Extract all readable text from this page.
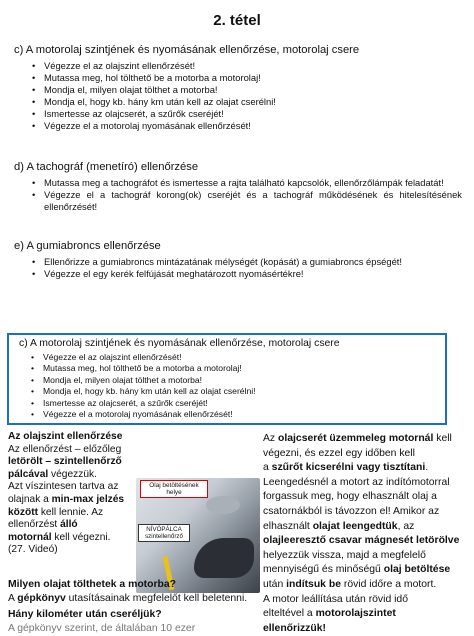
2. tétel
c) A motorolaj szintjének és nyomásának ellenőrzése, motorolaj csere
• Végezze el az olajszint ellenőrzését!
• Mutassa meg, hol tölthető be a motorba a motorolaj!
• Mondja el, milyen olajat tölthet a motorba!
• Mondja el, hogy kb. hány km után kell az olajat cserélni!
• Ismertesse az olajcserét, a szűrők cseréjét!
• Végezze el a motorolaj nyomásának ellenőrzését!
d) A tachográf (menetíró) ellenőrzése
• Mutassa meg a tachográfot és ismertesse a rajta található kapcsolók, ellenőrzőlámpák feladatát!
• Végezze el a tachográf korong(ok) cseréjét és a tachográf működésének és hitelesítésének ellenőrzését!
e) A gumiabroncs ellenőrzése
• Ellenőrizze a gumiabroncs mintázatának mélységét (kopását) a gumiabroncs épségét!
• Végezze el egy kerék felfújását meghatározott nyomásértékre!
c) A motorolaj szintjének és nyomásának ellenőrzése, motorolaj csere
• Végezze el az olajszint ellenőrzését!
• Mutassa meg, hol tölthető be a motorba a motorolaj!
• Mondja el, milyen olajat tölthet a motorba!
• Mondja el, hogy kb. hány km után kell az olajat cserélni!
• Ismertesse az olajcserét, a szűrők cseréjét!
• Végezze el a motorolaj nyomásának ellenőrzését!
Az olajszint ellenőrzése
Az ellenőrzést – előzőleg
letörölt – szintellenőrző
pálcával végezzük.
Azt víszintesen tartva az
olajnak a min-max jelzés
között kell lennie. Az
ellenőrzést álló
motornál kell végezni.
(27. Videó)
Olaj betöltésének helye
NÍVÓPÁLCA szintellenőrző
Milyen olajat tölthetek a motorba?
A gépkönyv utasításainak megfelelőt kell beletenni.
Hány kilométer után cseréljük?
A gépkönyv szerint, de általában 10 ezer
Az olajcserét üzemmeleg motornál kell
végezni, és ezzel egy időben kell
a szűrőt kicserélni vagy tisztítani.
Leengedésnél a motort az indítómotorral
forgassuk meg, hogy elhasznált olaj a
csatornákból is távozzon el! Amikor az
elhasznált olajat leengedtük, az
olajleeresztő csavar mágnesét letörölve
helyezzük vissza, majd a megfelelő
mennyiségű és minőségű olaj betöltése
után indítsuk be rövid időre a motort.
A motor leállítása után rövid idő
elteltével a motorolajszintet
ellenőrizzük!
